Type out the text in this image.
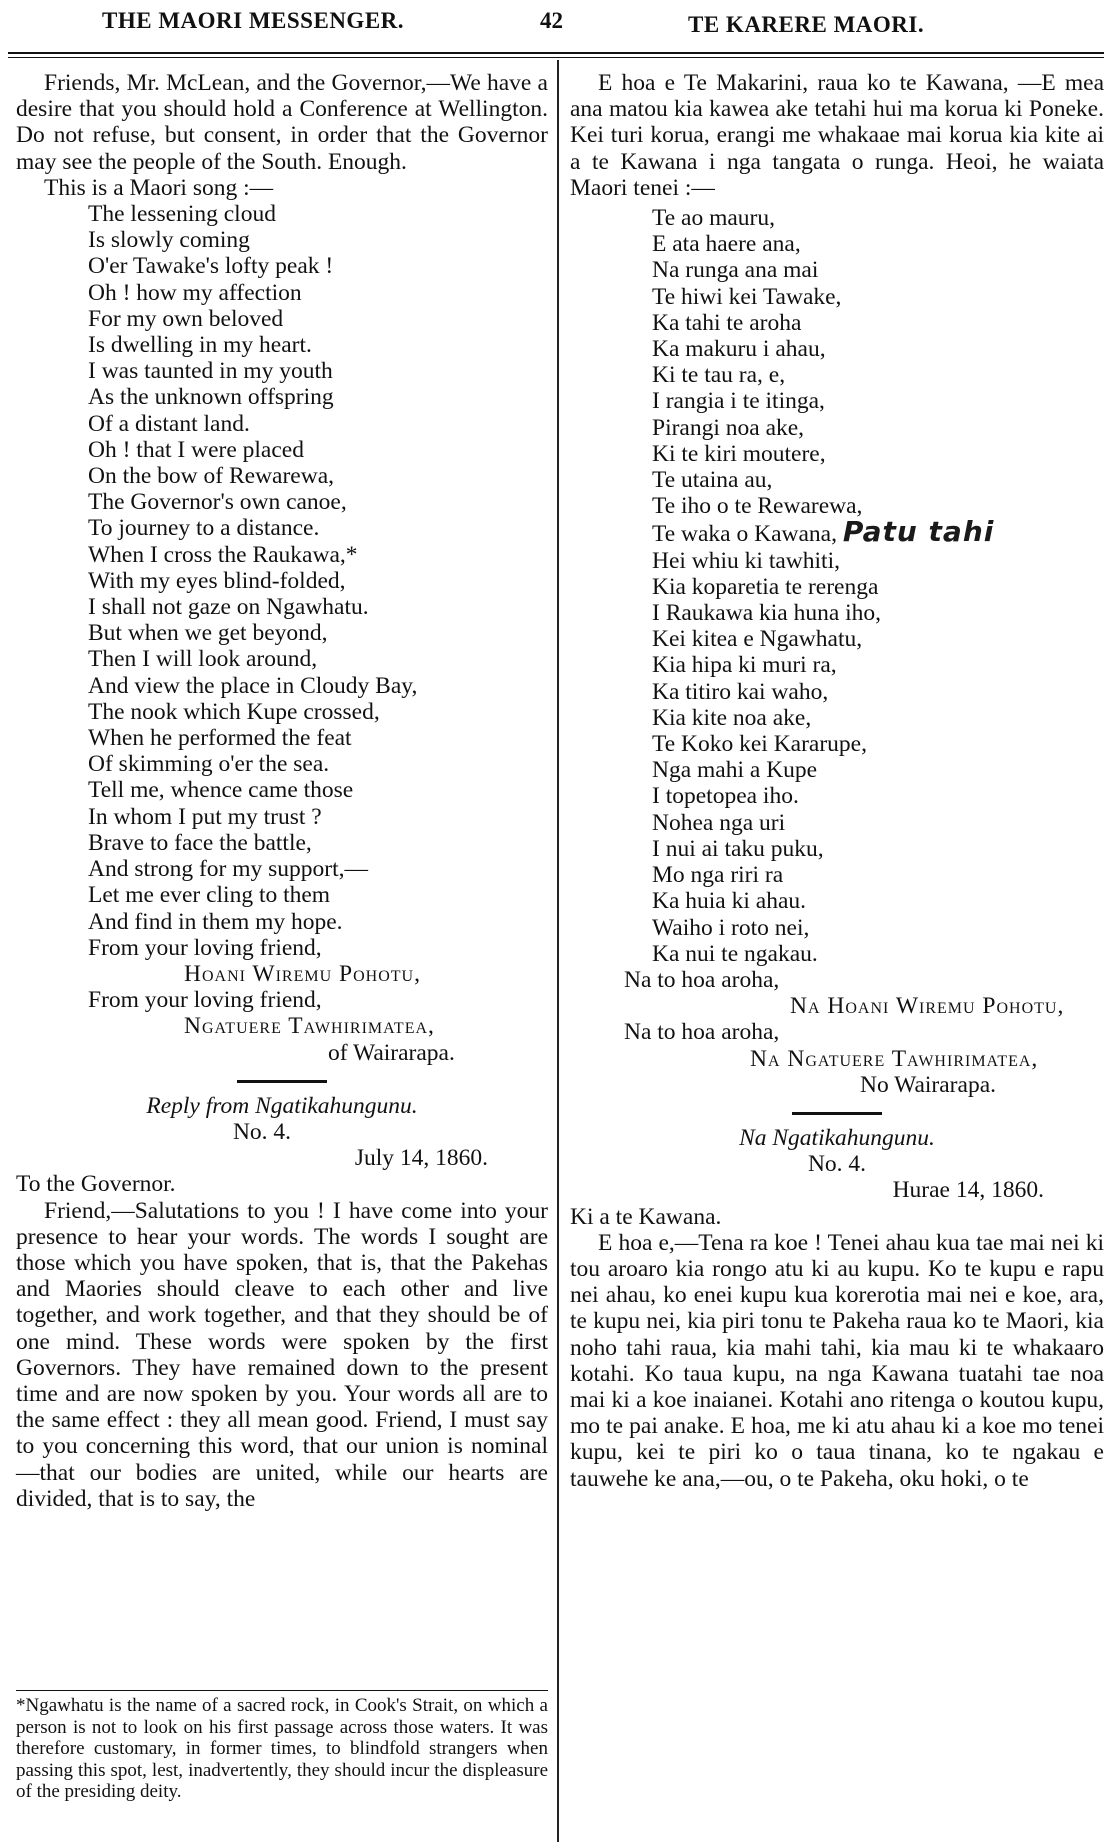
THE MAORI MESSENGER.	42	TE KARERE MAORI.

Friends, Mr. McLean, and the Governor,—We have a desire that you should hold a Conference at Wellington. Do not refuse, but consent, in order that the Governor may see the people of the South. Enough.

This is a Maori song :—

The lessening cloud
Is slowly coming
O'er Tawake's lofty peak !
Oh ! how my affection
For my own beloved
Is dwelling in my heart.
I was taunted in my youth
As the unknown offspring
Of a distant land.
Oh ! that I were placed
On the bow of Rewarewa,
The Governor's own canoe,
To journey to a distance.
When I cross the Raukawa,*
With my eyes blind-folded,
I shall not gaze on Ngawhatu.
But when we get beyond,
Then I will look around,
And view the place in Cloudy Bay,
The nook which Kupe crossed,
When he performed the feat
Of skimming o'er the sea.
Tell me, whence came those
In whom I put my trust ?
Brave to face the battle,
And strong for my support,—
Let me ever cling to them
And find in them my hope.
From your loving friend,
Hoani Wiremu Pohotu,
From your loving friend,
Ngatuere Tawhirimatea,
of Wairarapa.

Reply from Ngatikahungunu.

No. 4.

July 14, 1860.

To the Governor.

Friend,—Salutations to you ! I have come into your presence to hear your words. The words I sought are those which you have spoken, that is, that the Pakehas and Maories should cleave to each other and live together, and work together, and that they should be of one mind. These words were spoken by the first Governors. They have remained down to the present time and are now spoken by you. Your words all are to the same effect : they all mean good. Friend, I must say to you concerning this word, that our union is nominal—that our bodies are united, while our hearts are divided, that is to say, the

*Ngawhatu is the name of a sacred rock, in Cook's Strait, on which a person is not to look on his first passage across those waters. It was therefore customary, in former times, to blindfold strangers when passing this spot, lest, inadvertently, they should incur the displeasure of the presiding deity.

E hoa e Te Makarini, raua ko te Kawana, —E mea ana matou kia kawea ake tetahi hui ma korua ki Poneke. Kei turi korua, erangi me whakaae mai korua kia kite ai a te Kawana i nga tangata o runga. Heoi, he waiata Maori tenei :—

Te ao mauru,
E ata haere ana,
Na runga ana mai
Te hiwi kei Tawake,
Ka tahi te aroha
Ka makuru i ahau,
Ki te tau ra, e,
I rangia i te itinga,
Pirangi noa ake,
Ki te kiri moutere,
Te utaina au,
Te iho o te Rewarewa,
Te waka o Kawana, Patu tahi
Hei whiu ki tawhiti,
Kia koparetia te rerenga
I Raukawa kia huna iho,
Kei kitea e Ngawhatu,
Kia hipa ki muri ra,
Ka titiro kai waho,
Kia kite noa ake,
Te Koko kei Kararupe,
Nga mahi a Kupe
I topetopea iho.
Nohea nga uri
I nui ai taku puku,
Mo nga riri ra
Ka huia ki ahau.
Waiho i roto nei,
Ka nui te ngakau.
Na to hoa aroha,
Na Hoani Wiremu Pohotu,
Na to hoa aroha,
Na Ngatuere Tawhirimatea,
No Wairarapa.

Na Ngatikahungunu.

No. 4.

Hurae 14, 1860.

Ki a te Kawana.

E hoa e,—Tena ra koe ! Tenei ahau kua tae mai nei ki tou aroaro kia rongo atu ki au kupu. Ko te kupu e rapu nei ahau, ko enei kupu kua korerotia mai nei e koe, ara, te kupu nei, kia piri tonu te Pakeha raua ko te Maori, kia noho tahi raua, kia mahi tahi, kia mau ki te whakaaro kotahi. Ko taua kupu, na nga Kawana tuatahi tae noa mai ki a koe inaianei. Kotahi ano ritenga o koutou kupu, mo te pai anake. E hoa, me ki atu ahau ki a koe mo tenei kupu, kei te piri ko o taua tinana, ko te ngakau e tauwehe ke ana,—ou, o te Pakeha, oku hoki, o te
